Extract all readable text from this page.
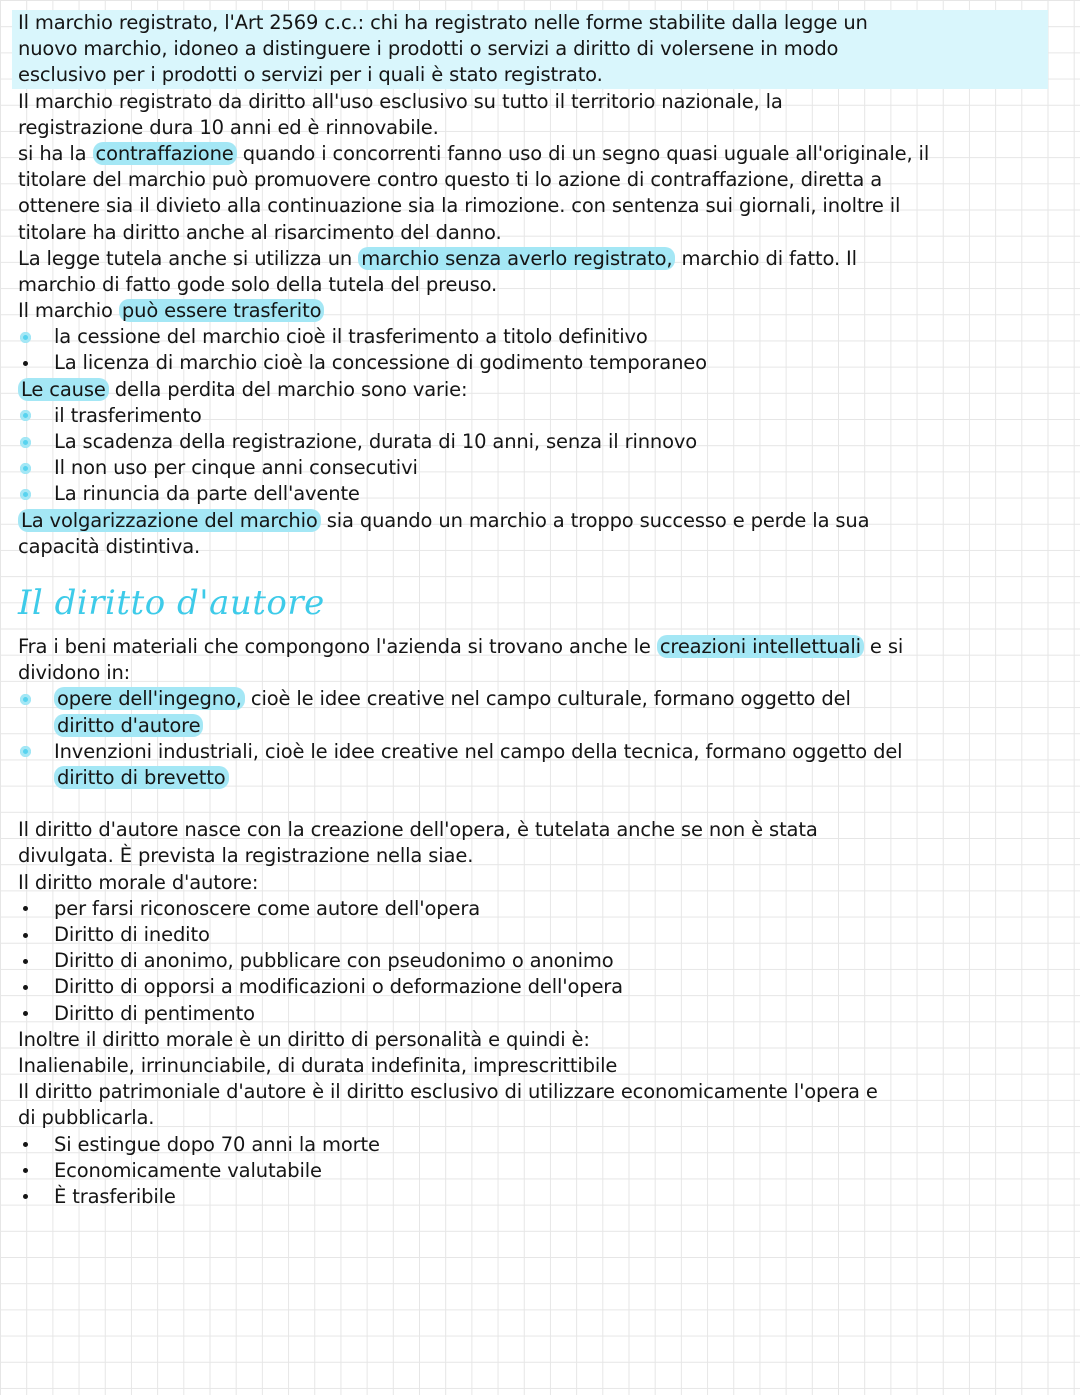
Il marchio registrato, l'Art 2569 c.c.: chi ha registrato nelle forme stabilite dalla legge un
nuovo marchio, idoneo a distinguere i prodotti o servizi a diritto di volersene in modo
esclusivo per i prodotti o servizi per i quali è stato registrato.
Il marchio registrato da diritto all'uso esclusivo su tutto il territorio nazionale, la
registrazione dura 10 anni ed è rinnovabile.
si ha la contraffazione quando i concorrenti fanno uso di un segno quasi uguale all'originale, il
titolare del marchio può promuovere contro questo ti lo azione di contraffazione, diretta a
ottenere sia il divieto alla continuazione sia la rimozione. con sentenza sui giornali, inoltre il
titolare ha diritto anche al risarcimento del danno.
La legge tutela anche si utilizza un marchio senza averlo registrato, marchio di fatto. Il
marchio di fatto gode solo della tutela del preuso.
Il marchio può essere trasferito
la cessione del marchio cioè il trasferimento a titolo definitivo
La licenza di marchio cioè la concessione di godimento temporaneo
Le cause della perdita del marchio sono varie:
il trasferimento
La scadenza della registrazione, durata di 10 anni, senza il rinnovo
Il non uso per cinque anni consecutivi
La rinuncia da parte dell'avente
La volgarizzazione del marchio sia quando un marchio a troppo successo e perde la sua
capacità distintiva.
Il diritto d'autore
Fra i beni materiali che compongono l'azienda si trovano anche le creazioni intellettuali e si
dividono in:
opere dell'ingegno, cioè le idee creative nel campo culturale, formano oggetto del
diritto d'autore
Invenzioni industriali, cioè le idee creative nel campo della tecnica, formano oggetto del
diritto di brevetto
Il diritto d'autore nasce con la creazione dell'opera, è tutelata anche se non è stata
divulgata. È prevista la registrazione nella siae.
Il diritto morale d'autore:
per farsi riconoscere come autore dell'opera
Diritto di inedito
Diritto di anonimo, pubblicare con pseudonimo o anonimo
Diritto di opporsi a modificazioni o deformazione dell'opera
Diritto di pentimento
Inoltre il diritto morale è un diritto di personalità e quindi è:
Inalienabile, irrinunciabile, di durata indefinita, imprescrittibile
Il diritto patrimoniale d'autore è il diritto esclusivo di utilizzare economicamente l'opera e
di pubblicarla.
Si estingue dopo 70 anni la morte
Economicamente valutabile
È trasferibile
